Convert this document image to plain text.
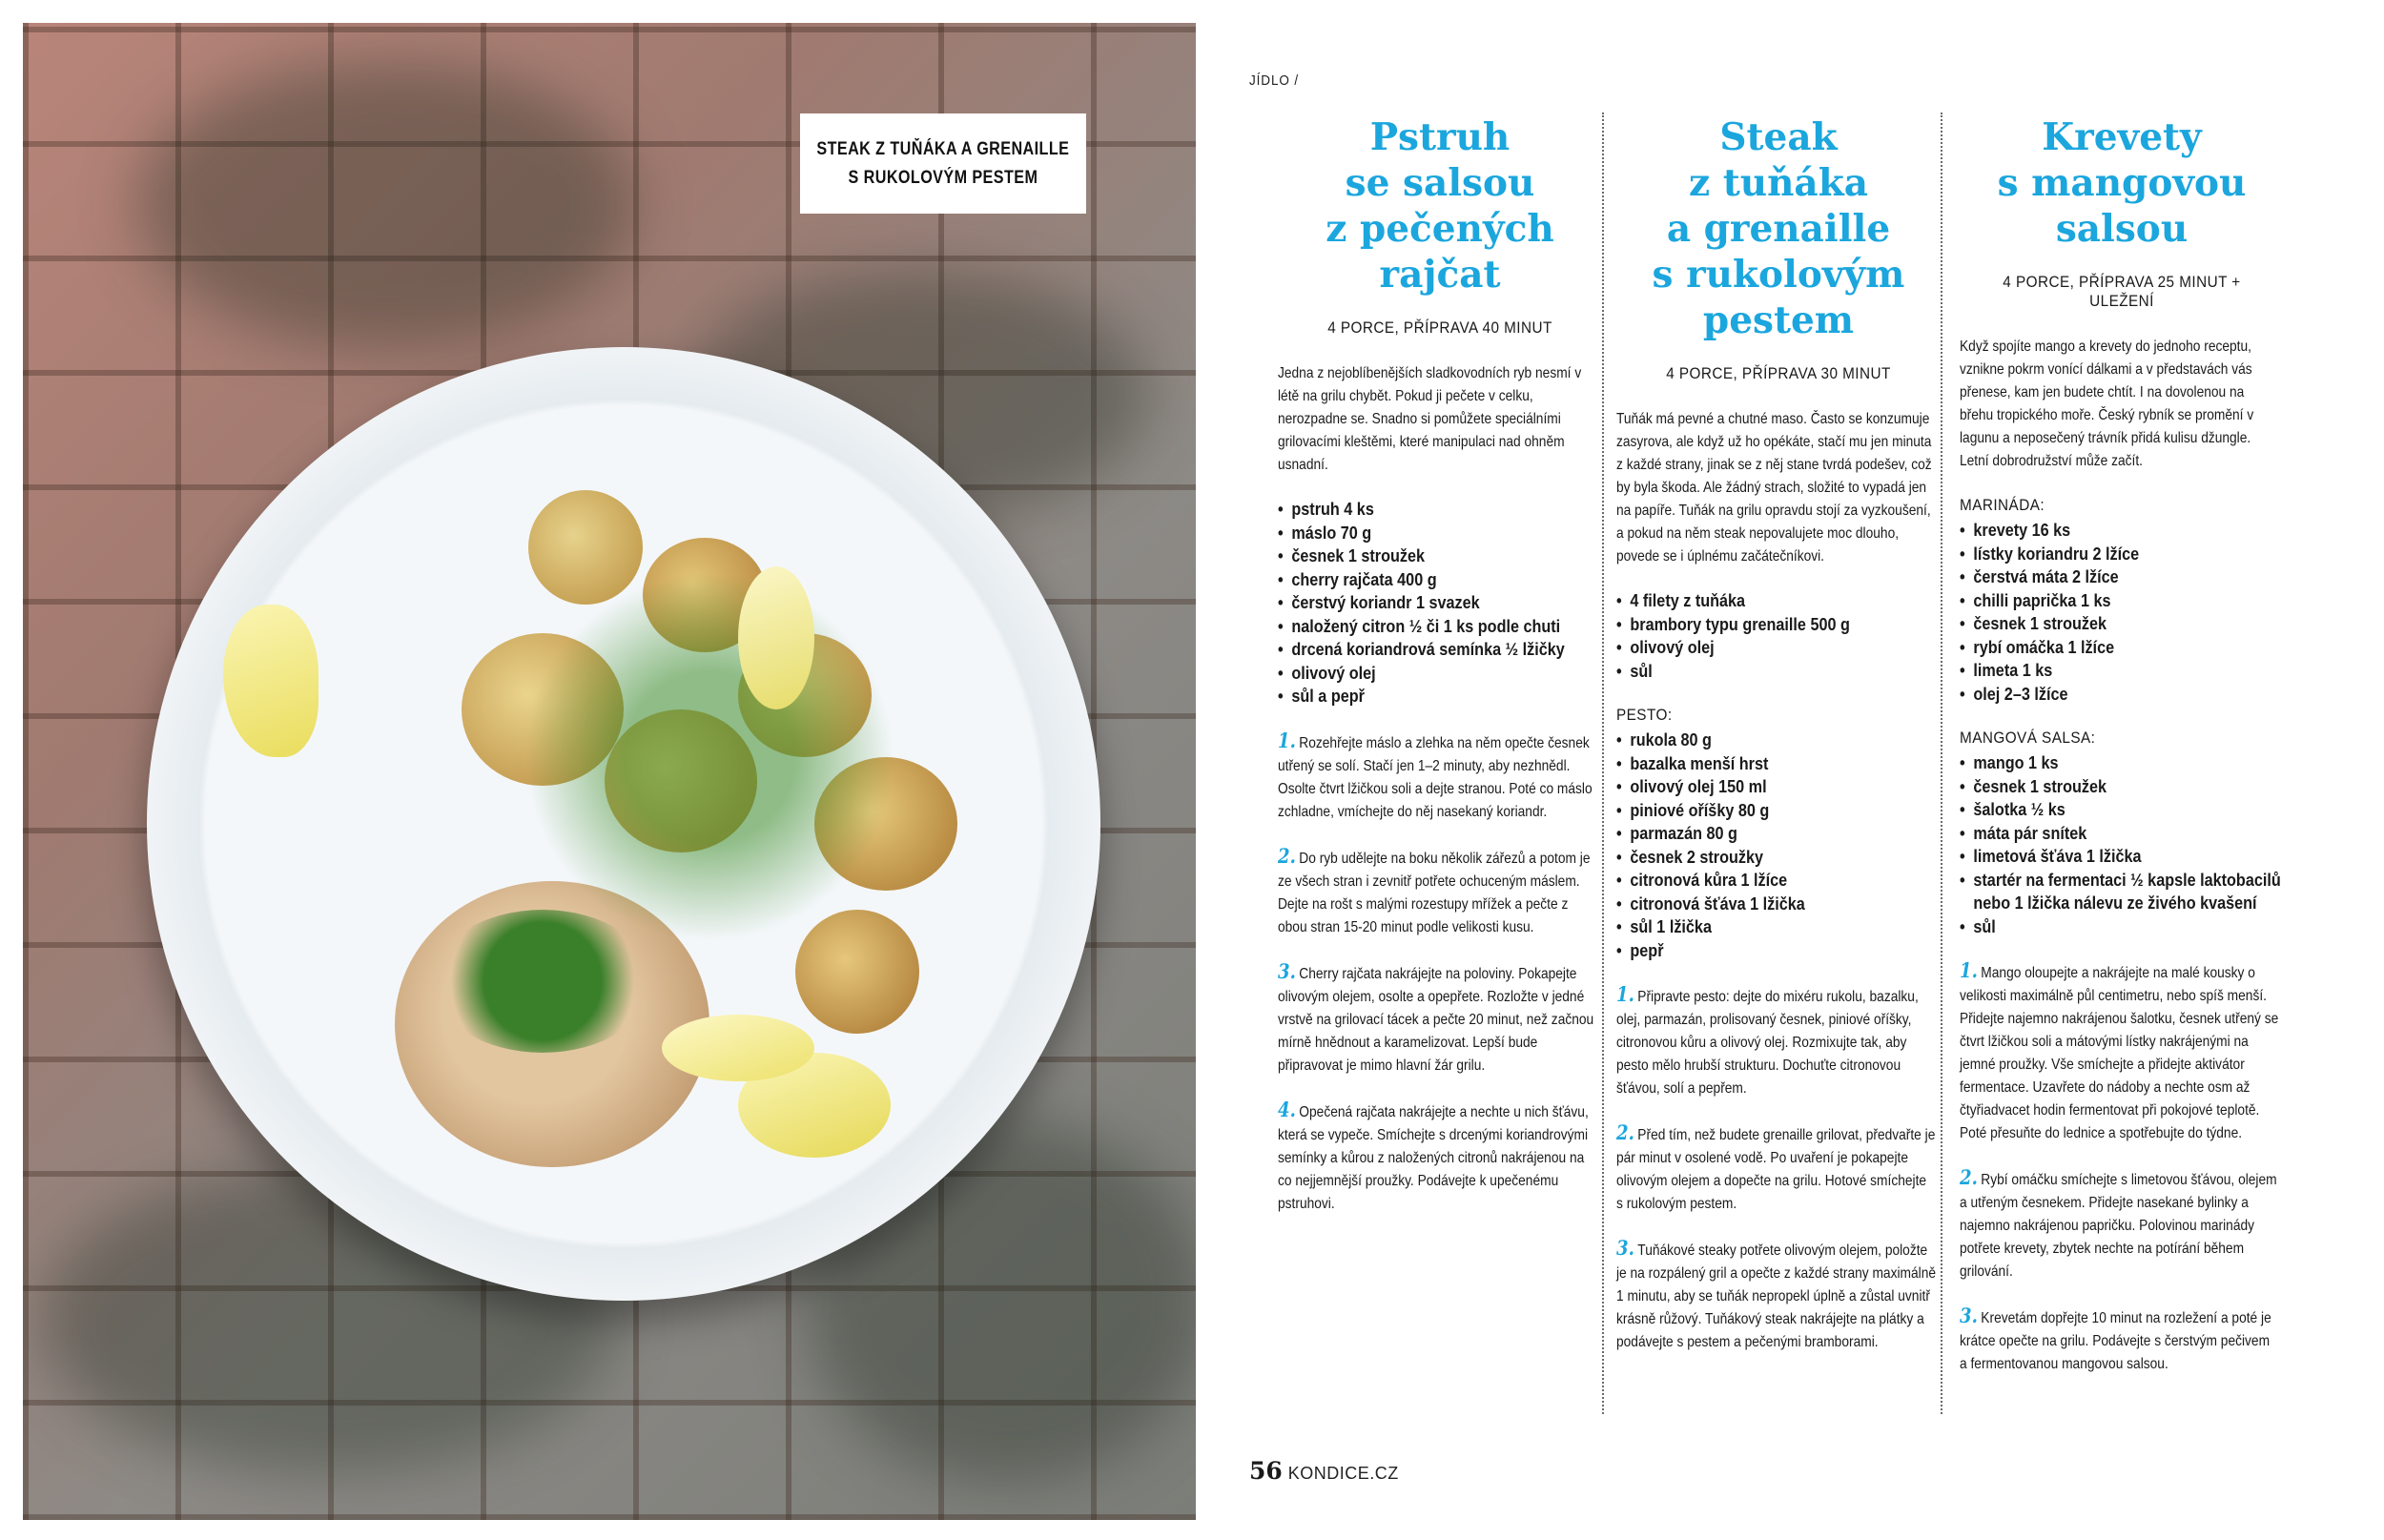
STEAK Z TUŇÁKA A GRENAILLE
S RUKOLOVÝM PESTEM
JÍDLO /
Pstruh
se salsou
z pečených
rajčat
4 PORCE, PŘÍPRAVA 40 MINUT

Jedna z nejoblíbenějších sladkovodních ryb nesmí v létě na grilu chybět. Pokud ji pečete v celku, nerozpadne se. Snadno si pomůžete speciálními grilovacími kleštěmi, které manipulaci nad ohněm usnadní.

• pstruh 4 ks
• máslo 70 g
• česnek 1 stroužek
• cherry rajčata 400 g
• čerstvý koriandr 1 svazek
• naložený citron ½ či 1 ks podle chuti
• drcená koriandrová semínka ½ lžičky
• olivový olej
• sůl a pepř

1. Rozehřejte máslo a zlehka na něm opečte česnek utřený se solí. Stačí jen 1–2 minuty, aby nezhnědl. Osolte čtvrt lžičkou soli a dejte stranou. Poté co máslo zchladne, vmíchejte do něj nasekaný koriandr.

2. Do ryb udělejte na boku několik zářezů a potom je ze všech stran i zevnitř potřete ochuceným máslem. Dejte na rošt s malými rozestupy mřížek a pečte z obou stran 15-20 minut podle velikosti kusu.

3. Cherry rajčata nakrájejte na poloviny. Pokapejte olivovým olejem, osolte a opepřete. Rozložte v jedné vrstvě na grilovací tácek a pečte 20 minut, než začnou mírně hnědnout a karamelizovat. Lepší bude připravovat je mimo hlavní žár grilu.

4. Opečená rajčata nakrájejte a nechte u nich šťávu, která se vypeče. Smíchejte s drcenými koriandrovými semínky a kůrou z naložených citronů nakrájenou na co nejjemnější proužky. Podávejte k upečenému pstruhovi.

Steak
z tuňáka
a grenaille
s rukolovým
pestem
4 PORCE, PŘÍPRAVA 30 MINUT

Tuňák má pevné a chutné maso. Často se konzumuje zasyrova, ale když už ho opékáte, stačí mu jen minuta z každé strany, jinak se z něj stane tvrdá podešev, což by byla škoda. Ale žádný strach, složité to vypadá jen na papíře. Tuňák na grilu opravdu stojí za vyzkoušení, a pokud na něm steak nepovalujete moc dlouho, povede se i úplnému začátečníkovi.

• 4 filety z tuňáka
• brambory typu grenaille 500 g
• olivový olej
• sůl
PESTO:
• rukola 80 g
• bazalka menší hrst
• olivový olej 150 ml
• piniové oříšky 80 g
• parmazán 80 g
• česnek 2 stroužky
• citronová kůra 1 lžíce
• citronová šťáva 1 lžička
• sůl 1 lžička
• pepř

1. Připravte pesto: dejte do mixéru rukolu, bazalku, olej, parmazán, prolisovaný česnek, piniové oříšky, citronovou kůru a olivový olej. Rozmixujte tak, aby pesto mělo hrubší strukturu. Dochuťte citronovou šťávou, solí a pepřem.

2. Před tím, než budete grenaille grilovat, předvařte je pár minut v osolené vodě. Po uvaření je pokapejte olivovým olejem a dopečte na grilu. Hotové smíchejte s rukolovým pestem.

3. Tuňákové steaky potřete olivovým olejem, položte je na rozpálený gril a opečte z každé strany maximálně 1 minutu, aby se tuňák nepropekl úplně a zůstal uvnitř krásně růžový. Tuňákový steak nakrájejte na plátky a podávejte s pestem a pečenými bramborami.

Krevety
s mangovou
salsou
4 PORCE, PŘÍPRAVA 25 MINUT + ULEŽENÍ

Když spojíte mango a krevety do jednoho receptu, vznikne pokrm vonící dálkami a v představách vás přenese, kam jen budete chtít. I na dovolenou na břehu tropického moře. Český rybník se promění v lagunu a neposečený trávník přidá kulisu džungle. Letní dobrodružství může začít.

MARINÁDA:
• krevety 16 ks
• lístky koriandru 2 lžíce
• čerstvá máta 2 lžíce
• chilli paprička 1 ks
• česnek 1 stroužek
• rybí omáčka 1 lžíce
• limeta 1 ks
• olej 2–3 lžíce
MANGOVÁ SALSA:
• mango 1 ks
• česnek 1 stroužek
• šalotka ½ ks
• máta pár snítek
• limetová šťáva 1 lžička
• startér na fermentaci ½ kapsle laktobacilů nebo 1 lžička nálevu ze živého kvašení
• sůl

1. Mango oloupejte a nakrájejte na malé kousky o velikosti maximálně půl centimetru, nebo spíš menší. Přidejte najemno nakrájenou šalotku, česnek utřený se čtvrt lžičkou soli a mátovými lístky nakrájenými na jemné proužky. Vše smíchejte a přidejte aktivátor fermentace. Uzavřete do nádoby a nechte osm až čtyřiadvacet hodin fermentovat při pokojové teplotě. Poté přesuňte do lednice a spotřebujte do týdne.

2. Rybí omáčku smíchejte s limetovou šťávou, olejem a utřeným česnekem. Přidejte nasekané bylinky a najemno nakrájenou papričku. Polovinou marinády potřete krevety, zbytek nechte na potírání během grilování.

3. Krevetám dopřejte 10 minut na rozležení a poté je krátce opečte na grilu. Podávejte s čerstvým pečivem a fermentovanou mangovou salsou.

56 KONDICE.CZ
